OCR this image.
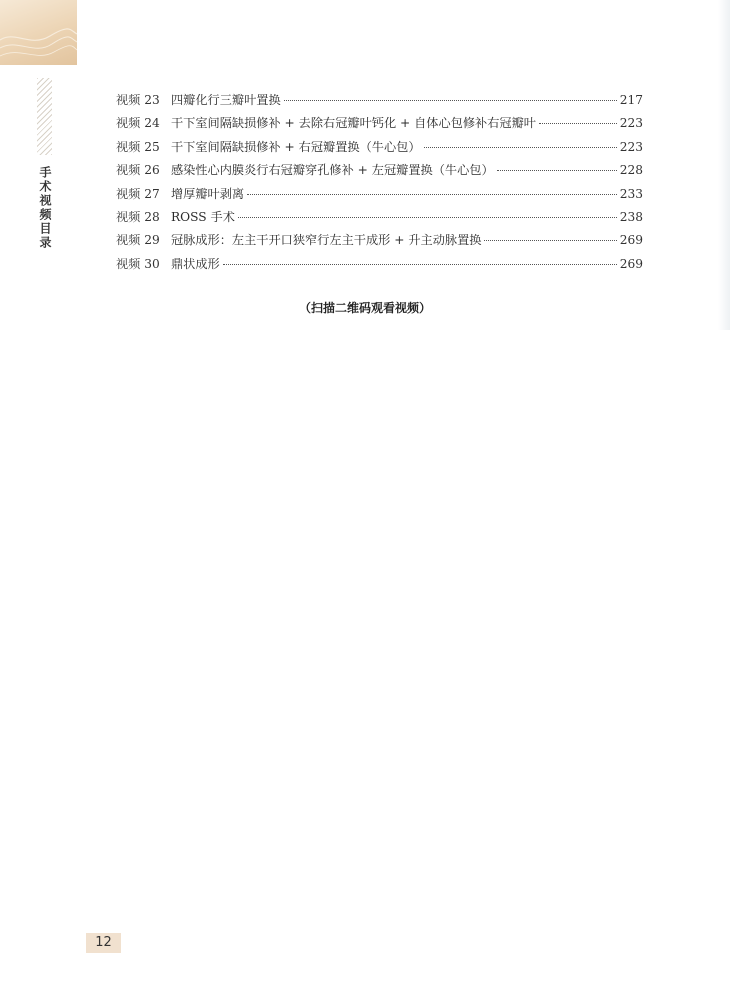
手术视频目录
视频 23 四瓣化行三瓣叶置换	217
视频 24 干下室间隔缺损修补 + 去除右冠瓣叶钙化 + 自体心包修补右冠瓣叶	223
视频 25 干下室间隔缺损修补 + 右冠瓣置换（牛心包）	223
视频 26 感染性心内膜炎行右冠瓣穿孔修补 + 左冠瓣置换（牛心包）	228
视频 27 增厚瓣叶剥离	233
视频 28 ROSS 手术	238
视频 29 冠脉成形：左主干开口狭窄行左主干成形 + 升主动脉置换	269
视频 30 鼎状成形	269
（扫描二维码观看视频）
12
